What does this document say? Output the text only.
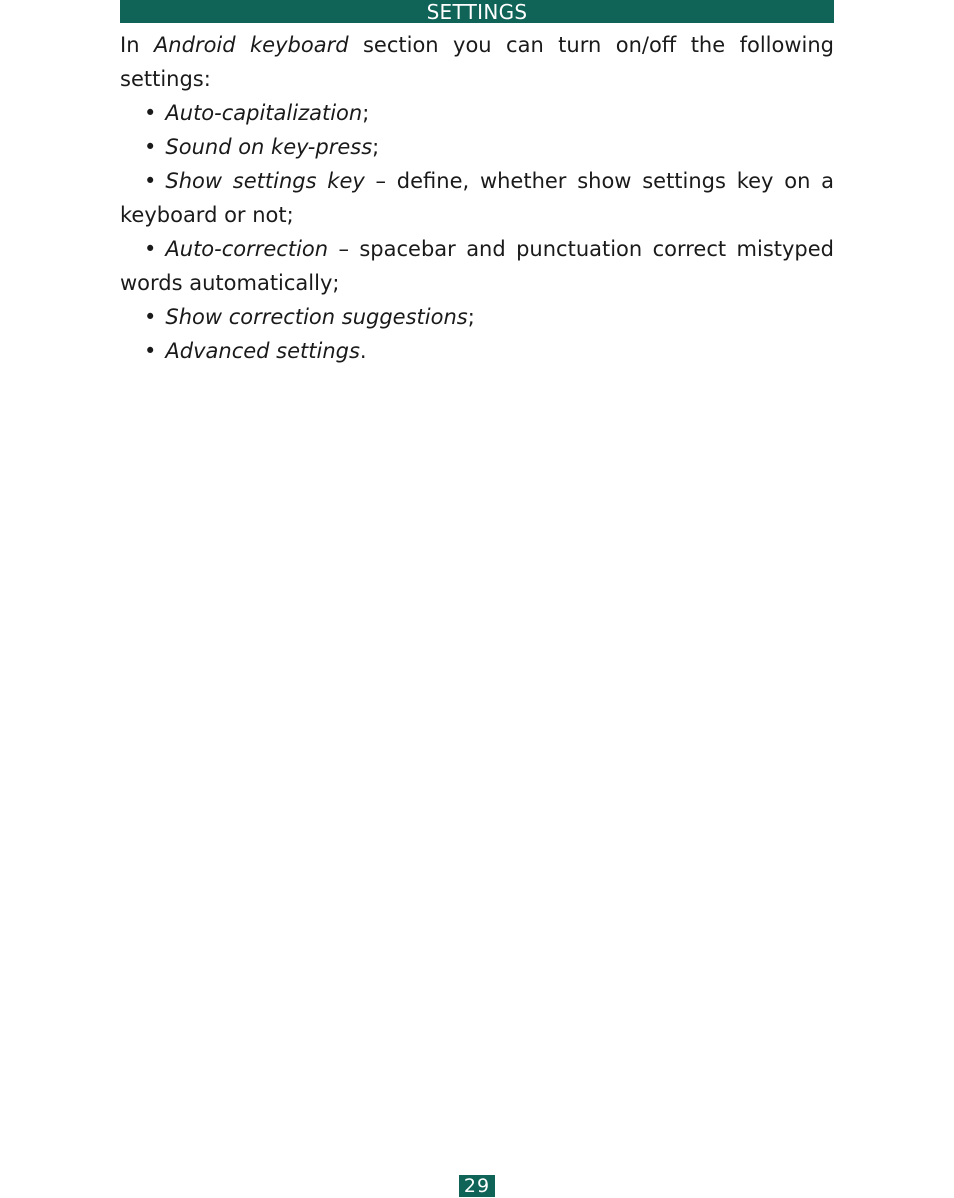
SETTINGS

In Android keyboard section you can turn on/off the following settings:

• Auto-capitalization;
• Sound on key-press;
• Show settings key – define, whether show settings key on a keyboard or not;
• Auto-correction – spacebar and punctuation correct mistyped words automatically;
• Show correction suggestions;
• Advanced settings.
29
